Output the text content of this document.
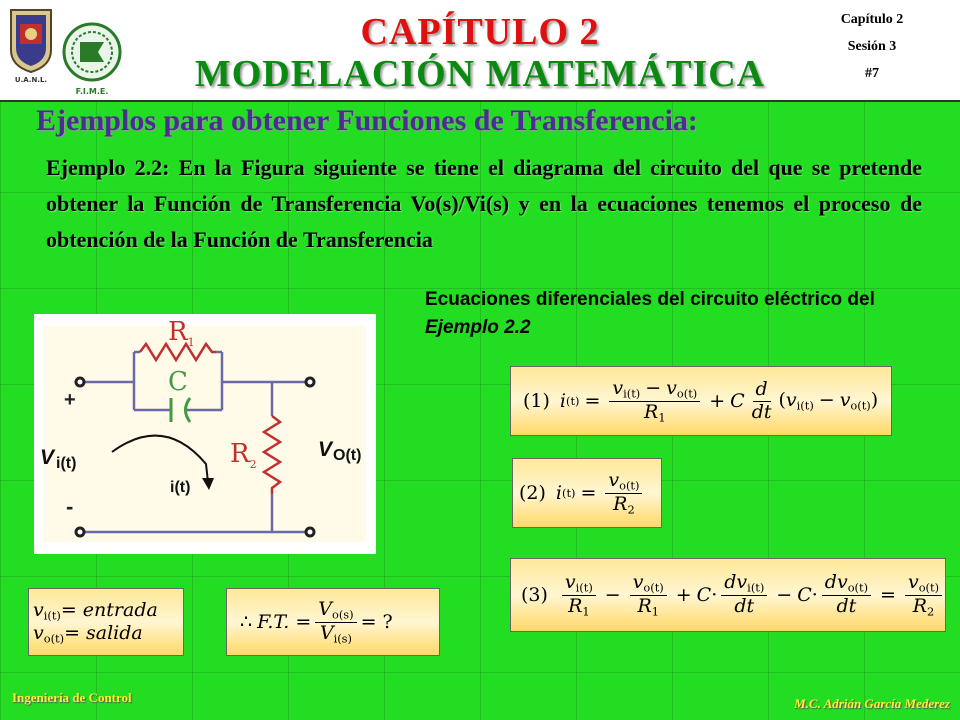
U.A.N.L.
F.I.M.E.
CAPÍTULO 2
MODELACIÓN MATEMÁTICA
Capítulo 2
Sesión 3
#7
Ejemplos para obtener Funciones de Transferencia:
Ejemplo 2.2: En la Figura siguiente se tiene el diagrama del circuito del que se pretende obtener la Función de Transferencia Vo(s)/Vi(s) y en la ecuaciones tenemos el proceso de obtención de la Función de Transferencia
Ecuaciones diferenciales del circuito eléctrico del Ejemplo 2.2
$R_1$
C
$R_2$
+
-
V i(t)
VO(t)
i(t)
(1) i $(t) = \frac{v_{i(t)} - v_{o(t)}}{R_1} + C \frac{d}{dt} (v_{i(t)} - v_{o(t)})$
(2) i $(t) = \frac{v_{o(t)}}{R_2}$
$(3) \frac{v_{i(t)}}{R_1} - \frac{v_{o(t)}}{R_1} + C \cdot \frac{dv_{i(t)}}{dt} - C \cdot \frac{dv_{o(t)}}{dt} = \frac{v_{o(t)}}{R_2}$
$v_{i(t)}=$ entrada
$v_{o(t)}=$ salida	∴ F.T. = $\frac{V_{o(s)}}{V_{i(s)}}$ = ?
Ingeniería de Control	M.C. Adrián García Mederez
